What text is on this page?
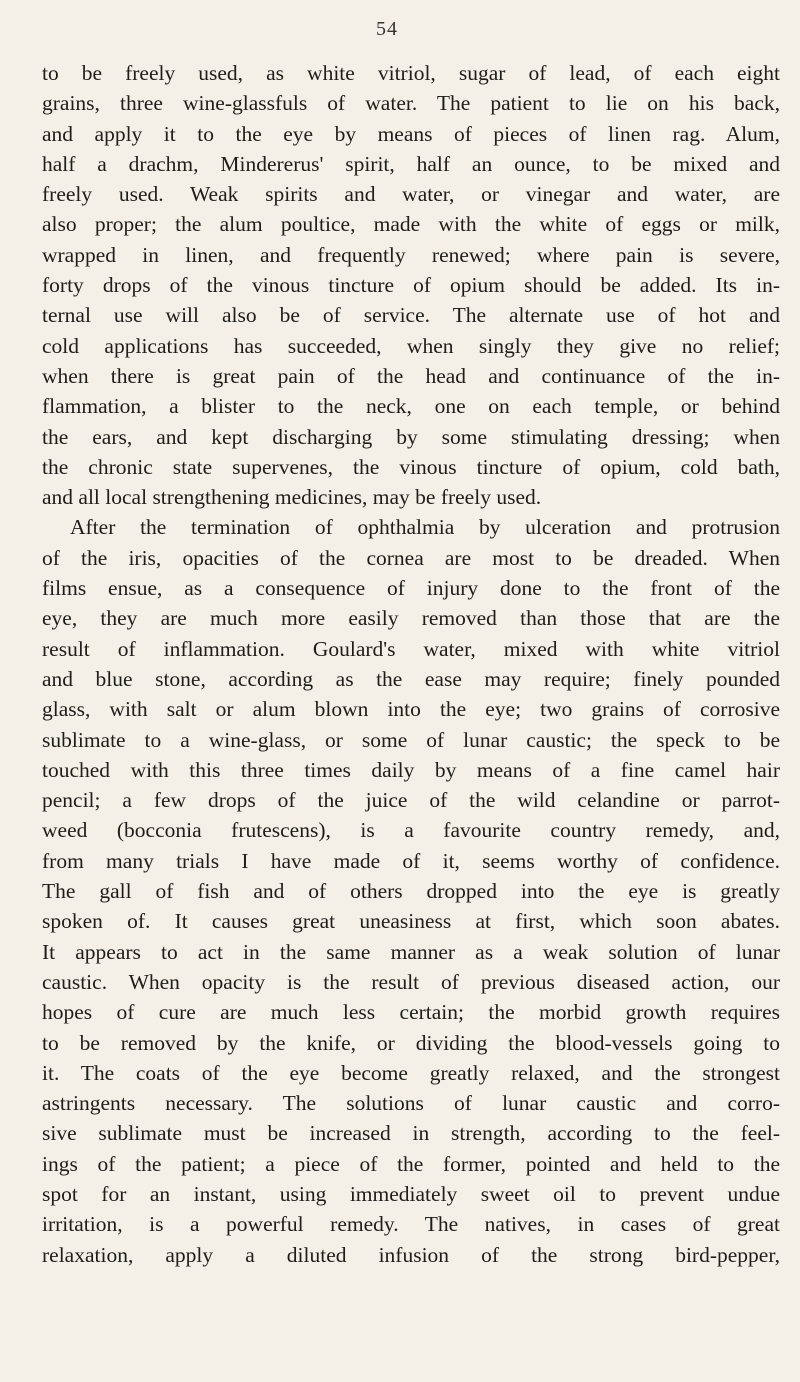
54
to be freely used, as white vitriol, sugar of lead, of each eight
grains, three wine-glassfuls of water. The patient to lie on his back,
and apply it to the eye by means of pieces of linen rag. Alum,
half a drachm, Mindererus' spirit, half an ounce, to be mixed and
freely used. Weak spirits and water, or vinegar and water, are
also proper; the alum poultice, made with the white of eggs or milk,
wrapped in linen, and frequently renewed; where pain is severe,
forty drops of the vinous tincture of opium should be added. Its in-
ternal use will also be of service. The alternate use of hot and
cold applications has succeeded, when singly they give no relief;
when there is great pain of the head and continuance of the in-
flammation, a blister to the neck, one on each temple, or behind
the ears, and kept discharging by some stimulating dressing; when
the chronic state supervenes, the vinous tincture of opium, cold bath,
and all local strengthening medicines, may be freely used.
After the termination of ophthalmia by ulceration and protrusion
of the iris, opacities of the cornea are most to be dreaded. When
films ensue, as a consequence of injury done to the front of the
eye, they are much more easily removed than those that are the
result of inflammation. Goulard's water, mixed with white vitriol
and blue stone, according as the ease may require; finely pounded
glass, with salt or alum blown into the eye; two grains of corrosive
sublimate to a wine-glass, or some of lunar caustic; the speck to be
touched with this three times daily by means of a fine camel hair
pencil; a few drops of the juice of the wild celandine or parrot-
weed (bocconia frutescens), is a favourite country remedy, and,
from many trials I have made of it, seems worthy of confidence.
The gall of fish and of others dropped into the eye is greatly
spoken of. It causes great uneasiness at first, which soon abates.
It appears to act in the same manner as a weak solution of lunar
caustic. When opacity is the result of previous diseased action, our
hopes of cure are much less certain; the morbid growth requires
to be removed by the knife, or dividing the blood-vessels going to
it. The coats of the eye become greatly relaxed, and the strongest
astringents necessary. The solutions of lunar caustic and corro-
sive sublimate must be increased in strength, according to the feel-
ings of the patient; a piece of the former, pointed and held to the
spot for an instant, using immediately sweet oil to prevent undue
irritation, is a powerful remedy. The natives, in cases of great
relaxation, apply a diluted infusion of the strong bird-pepper,
